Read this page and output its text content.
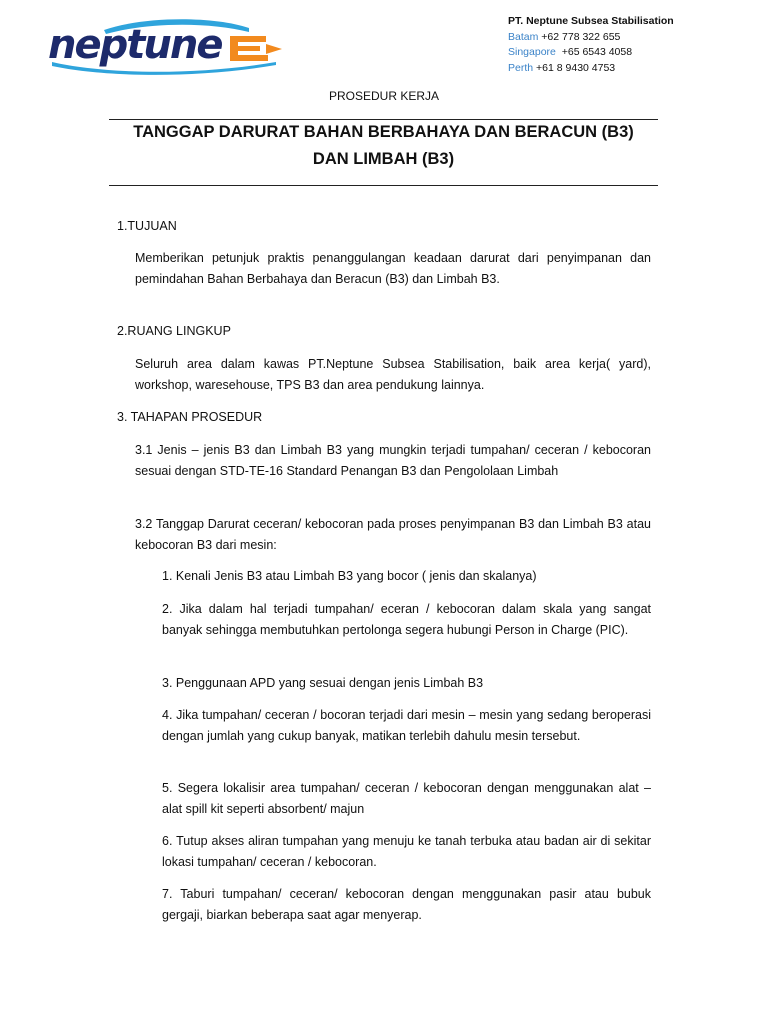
neptune
PT. Neptune Subsea Stabilisation
Batam +62 778 322 655
Singapore +65 6543 4058
Perth +61 8 9430 4753
PROSEDUR KERJA
TANGGAP DARURAT BAHAN BERBAHAYA DAN BERACUN (B3)
DAN LIMBAH (B3)
1.TUJUAN
Memberikan petunjuk praktis penanggulangan keadaan darurat dari penyimpanan dan pemindahan Bahan Berbahaya dan Beracun (B3) dan Limbah B3.
2.RUANG LINGKUP
Seluruh area dalam kawas PT.Neptune Subsea Stabilisation, baik area kerja( yard), workshop, waresehouse, TPS B3 dan area pendukung lainnya.
3. TAHAPAN PROSEDUR
3.1 Jenis – jenis B3 dan Limbah B3 yang mungkin terjadi tumpahan/ ceceran / kebocoran sesuai dengan STD-TE-16 Standard Penangan B3 dan Pengololaan Limbah
3.2 Tanggap Darurat ceceran/ kebocoran pada proses penyimpanan B3 dan Limbah B3 atau kebocoran B3 dari mesin:
1. Kenali Jenis B3 atau Limbah B3 yang bocor ( jenis dan skalanya)
2. Jika dalam hal terjadi tumpahan/ eceran / kebocoran dalam skala yang sangat banyak sehingga membutuhkan pertolonga segera hubungi Person in Charge (PIC).
3. Penggunaan APD yang sesuai dengan jenis Limbah B3
4. Jika tumpahan/ ceceran / bocoran terjadi dari mesin – mesin yang sedang beroperasi dengan jumlah yang cukup banyak, matikan terlebih dahulu mesin tersebut.
5. Segera lokalisir area tumpahan/ ceceran / kebocoran dengan menggunakan alat – alat spill kit seperti absorbent/ majun
6. Tutup akses aliran tumpahan yang menuju ke tanah terbuka atau badan air di sekitar lokasi tumpahan/ ceceran / kebocoran.
7. Taburi tumpahan/ ceceran/ kebocoran dengan menggunakan pasir atau bubuk gergaji, biarkan beberapa saat agar menyerap.
